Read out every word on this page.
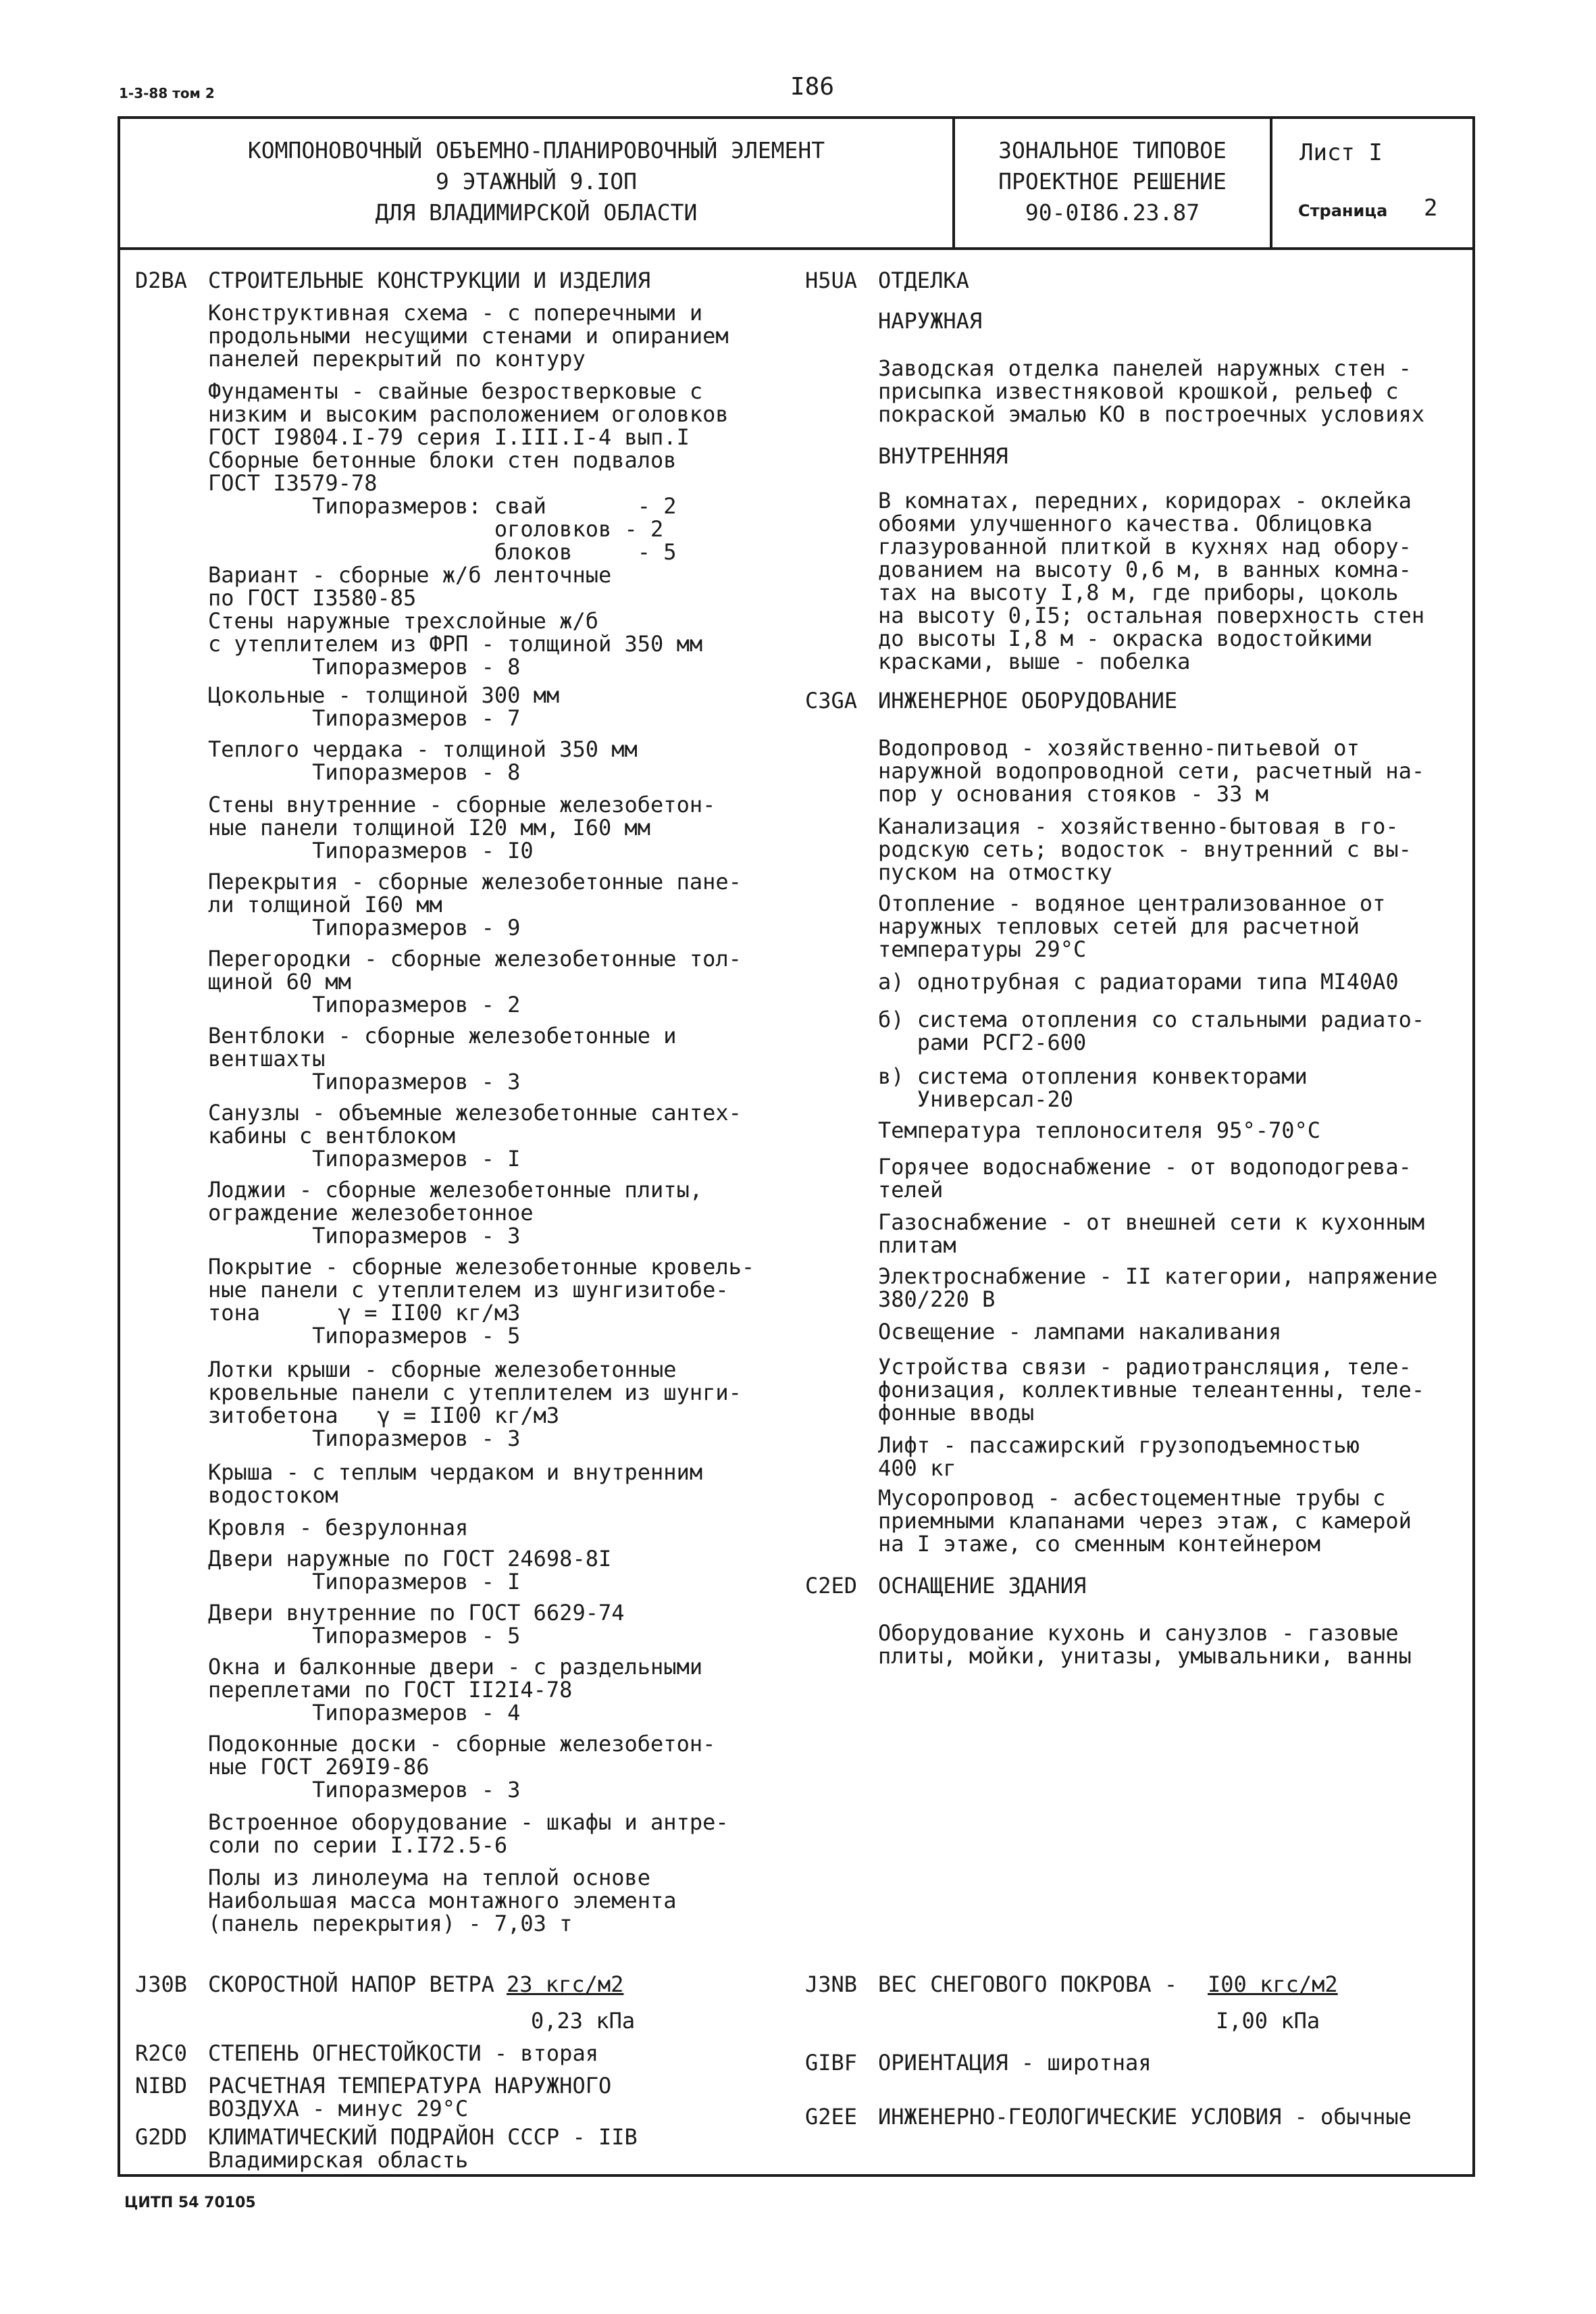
1-3-88 том 2	I86
КОМПОНОВОЧНЫЙ ОБЪЕМНО-ПЛАНИРОВОЧНЫЙ ЭЛЕМЕНТ
9 ЭТАЖНЫЙ 9.IОП
ДЛЯ ВЛАДИМИРСКОЙ ОБЛАСТИ
ЗОНАЛЬНОЕ ТИПОВОЕ
ПРОЕКТНОЕ РЕШЕНИЕ
90-0I86.23.87
Лист I
Страница 2
D2BA СТРОИТЕЛЬНЫЕ КОНСТРУКЦИИ И ИЗДЕЛИЯ
Конструктивная схема - с поперечными и
продольными несущими стенами и опиранием
панелей перекрытий по контуру
Фундаменты - свайные безростверковые с
низким и высоким расположением оголовков
ГОСТ I9804.I-79 серия I.III.I-4 вып.I
Сборные бетонные блоки стен подвалов
ГОСТ I3579-78
Типоразмеров: свай       - 2
оголовков - 2
блоков     - 5
Вариант - сборные ж/б ленточные
по ГОСТ I3580-85
Стены наружные трехслойные ж/б
с утеплителем из ФРП - толщиной 350 мм
Типоразмеров - 8
Цокольные - толщиной 300 мм
Типоразмеров - 7
Теплого чердака - толщиной 350 мм
Типоразмеров - 8
Стены внутренние - сборные железобетон-
ные панели толщиной I20 мм, I60 мм
Типоразмеров - I0
Перекрытия - сборные железобетонные пане-
ли толщиной I60 мм
Типоразмеров - 9
Перегородки - сборные железобетонные тол-
щиной 60 мм
Типоразмеров - 2
Вентблоки - сборные железобетонные и
вентшахты
Типоразмеров - 3
Санузлы - объемные железобетонные сантех-
кабины с вентблоком
Типоразмеров - I
Лоджии - сборные железобетонные плиты,
ограждение железобетонное
Типоразмеров - 3
Покрытие - сборные железобетонные кровель-
ные панели с утеплителем из шунгизитобе-
тона      γ = II00 кг/м3
Типоразмеров - 5
Лотки крыши - сборные железобетонные
кровельные панели с утеплителем из шунги-
зитобетона   γ = II00 кг/м3
Типоразмеров - 3
Крыша - с теплым чердаком и внутренним
водостоком
Кровля - безрулонная
Двери наружные по ГОСТ 24698-8I
Типоразмеров - I
Двери внутренние по ГОСТ 6629-74
Типоразмеров - 5
Окна и балконные двери - с раздельными
переплетами по ГОСТ II2I4-78
Типоразмеров - 4
Подоконные доски - сборные железобетон-
ные ГОСТ 269I9-86
Типоразмеров - 3
Встроенное оборудование - шкафы и антре-
соли по серии I.I72.5-6
Полы из линолеума на теплой основе
Наибольшая масса монтажного элемента
(панель перекрытия) - 7,03 т
H5UA ОТДЕЛКА
НАРУЖНАЯ
Заводская отделка панелей наружных стен -
присыпка известняковой крошкой, рельеф с
покраской эмалью КО в построечных условиях
ВНУТРЕННЯЯ
В комнатах, передних, коридорах - оклейка
обоями улучшенного качества. Облицовка
глазурованной плиткой в кухнях над обору-
дованием на высоту 0,6 м, в ванных комна-
тах на высоту I,8 м, где приборы, цоколь
на высоту 0,I5; остальная поверхность стен
до высоты I,8 м - окраска водостойкими
красками, выше - побелка
C3GA ИНЖЕНЕРНОЕ ОБОРУДОВАНИЕ
Водопровод - хозяйственно-питьевой от
наружной водопроводной сети, расчетный на-
пор у основания стояков - 33 м
Канализация - хозяйственно-бытовая в го-
родскую сеть; водосток - внутренний с вы-
пуском на отмостку
Отопление - водяное централизованное от
наружных тепловых сетей для расчетной
температуры 29°С
а) однотрубная с радиаторами типа МI40А0
б) система отопления со стальными радиато-
рами РСГ2-600
в) система отопления конвекторами
Универсал-20
Температура теплоносителя 95°-70°С
Горячее водоснабжение - от водоподогрева-
телей
Газоснабжение - от внешней сети к кухонным
плитам
Электроснабжение - II категории, напряжение
380/220 В
Освещение - лампами накаливания
Устройства связи - радиотрансляция, теле-
фонизация, коллективные телеантенны, теле-
фонные вводы
Лифт - пассажирский грузоподъемностью
400 кг
Мусоропровод - асбестоцементные трубы с
приемными клапанами через этаж, с камерой
на I этаже, со сменным контейнером
C2ED ОСНАЩЕНИЕ ЗДАНИЯ
Оборудование кухонь и санузлов - газовые
плиты, мойки, унитазы, умывальники, ванны
J30B СКОРОСТНОЙ НАПОР ВЕТРА 23 кгс/м2
0,23 кПа
R2C0 СТЕПЕНЬ ОГНЕСТОЙКОСТИ - вторая
NIBD РАСЧЕТНАЯ ТЕМПЕРАТУРА НАРУЖНОГО
ВОЗДУХА - минус 29°С
G2DD КЛИМАТИЧЕСКИЙ ПОДРАЙОН СССР - IIВ
Владимирская область
J3NB ВЕС СНЕГОВОГО ПОКРОВА - I00 кгс/м2
I,00 кПа
GIBF ОРИЕНТАЦИЯ - широтная
G2EE ИНЖЕНЕРНО-ГЕОЛОГИЧЕСКИЕ УСЛОВИЯ - обычные
ЦИТП 54 70105
